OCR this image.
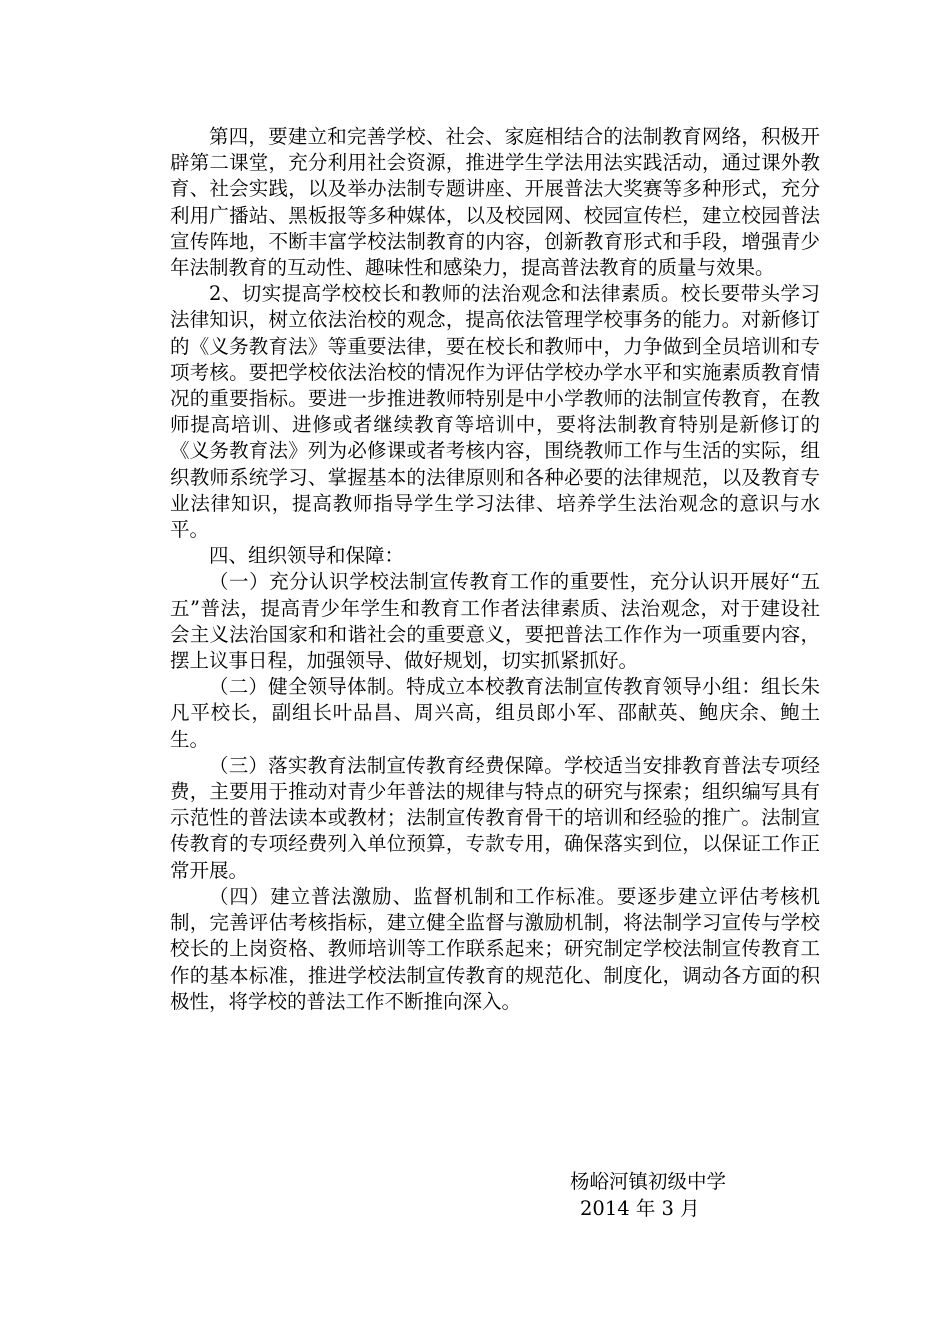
第四，要建立和完善学校、社会、家庭相结合的法制教育网络，积极开辟第二课堂，充分利用社会资源，推进学生学法用法实践活动，通过课外教育、社会实践，以及举办法制专题讲座、开展普法大奖赛等多种形式，充分利用广播站、黑板报等多种媒体，以及校园网、校园宣传栏，建立校园普法宣传阵地，不断丰富学校法制教育的内容，创新教育形式和手段，增强青少年法制教育的互动性、趣味性和感染力，提高普法教育的质量与效果。

2、切实提高学校校长和教师的法治观念和法律素质。校长要带头学习法律知识，树立依法治校的观念，提高依法管理学校事务的能力。对新修订的《义务教育法》等重要法律，要在校长和教师中，力争做到全员培训和专项考核。要把学校依法治校的情况作为评估学校办学水平和实施素质教育情况的重要指标。要进一步推进教师特别是中小学教师的法制宣传教育，在教师提高培训、进修或者继续教育等培训中，要将法制教育特别是新修订的《义务教育法》列为必修课或者考核内容，围绕教师工作与生活的实际，组织教师系统学习、掌握基本的法律原则和各种必要的法律规范，以及教育专业法律知识，提高教师指导学生学习法律、培养学生法治观念的意识与水平。

四、组织领导和保障：

（一）充分认识学校法制宣传教育工作的重要性，充分认识开展好“五五”普法，提高青少年学生和教育工作者法律素质、法治观念，对于建设社会主义法治国家和和谐社会的重要意义，要把普法工作作为一项重要内容，摆上议事日程，加强领导、做好规划，切实抓紧抓好。

（二）健全领导体制。特成立本校教育法制宣传教育领导小组：组长朱凡平校长，副组长叶品昌、周兴高，组员郎小军、邵献英、鲍庆余、鲍土生。

（三）落实教育法制宣传教育经费保障。学校适当安排教育普法专项经费，主要用于推动对青少年普法的规律与特点的研究与探索；组织编写具有示范性的普法读本或教材；法制宣传教育骨干的培训和经验的推广。法制宣传教育的专项经费列入单位预算，专款专用，确保落实到位，以保证工作正常开展。

（四）建立普法激励、监督机制和工作标准。要逐步建立评估考核机制，完善评估考核指标，建立健全监督与激励机制，将法制学习宣传与学校校长的上岗资格、教师培训等工作联系起来；研究制定学校法制宣传教育工作的基本标准，推进学校法制宣传教育的规范化、制度化，调动各方面的积极性，将学校的普法工作不断推向深入。

杨峪河镇初级中学
2014 年 3 月
